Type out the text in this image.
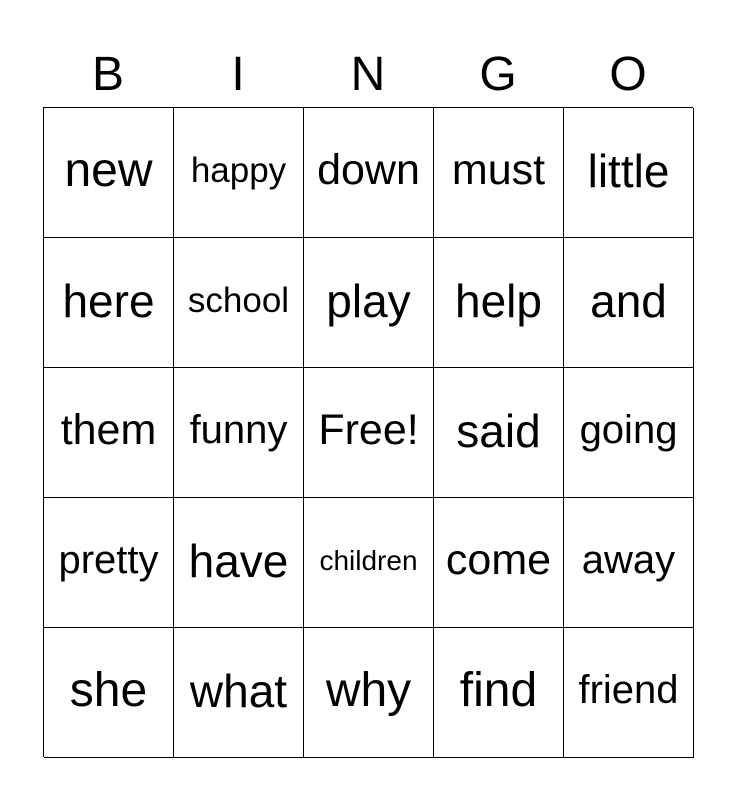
B	I	N	G	O
new	happy down must little
here school play help	and
them funny Free! said going
pretty have	children come away
she what why	find	friend
